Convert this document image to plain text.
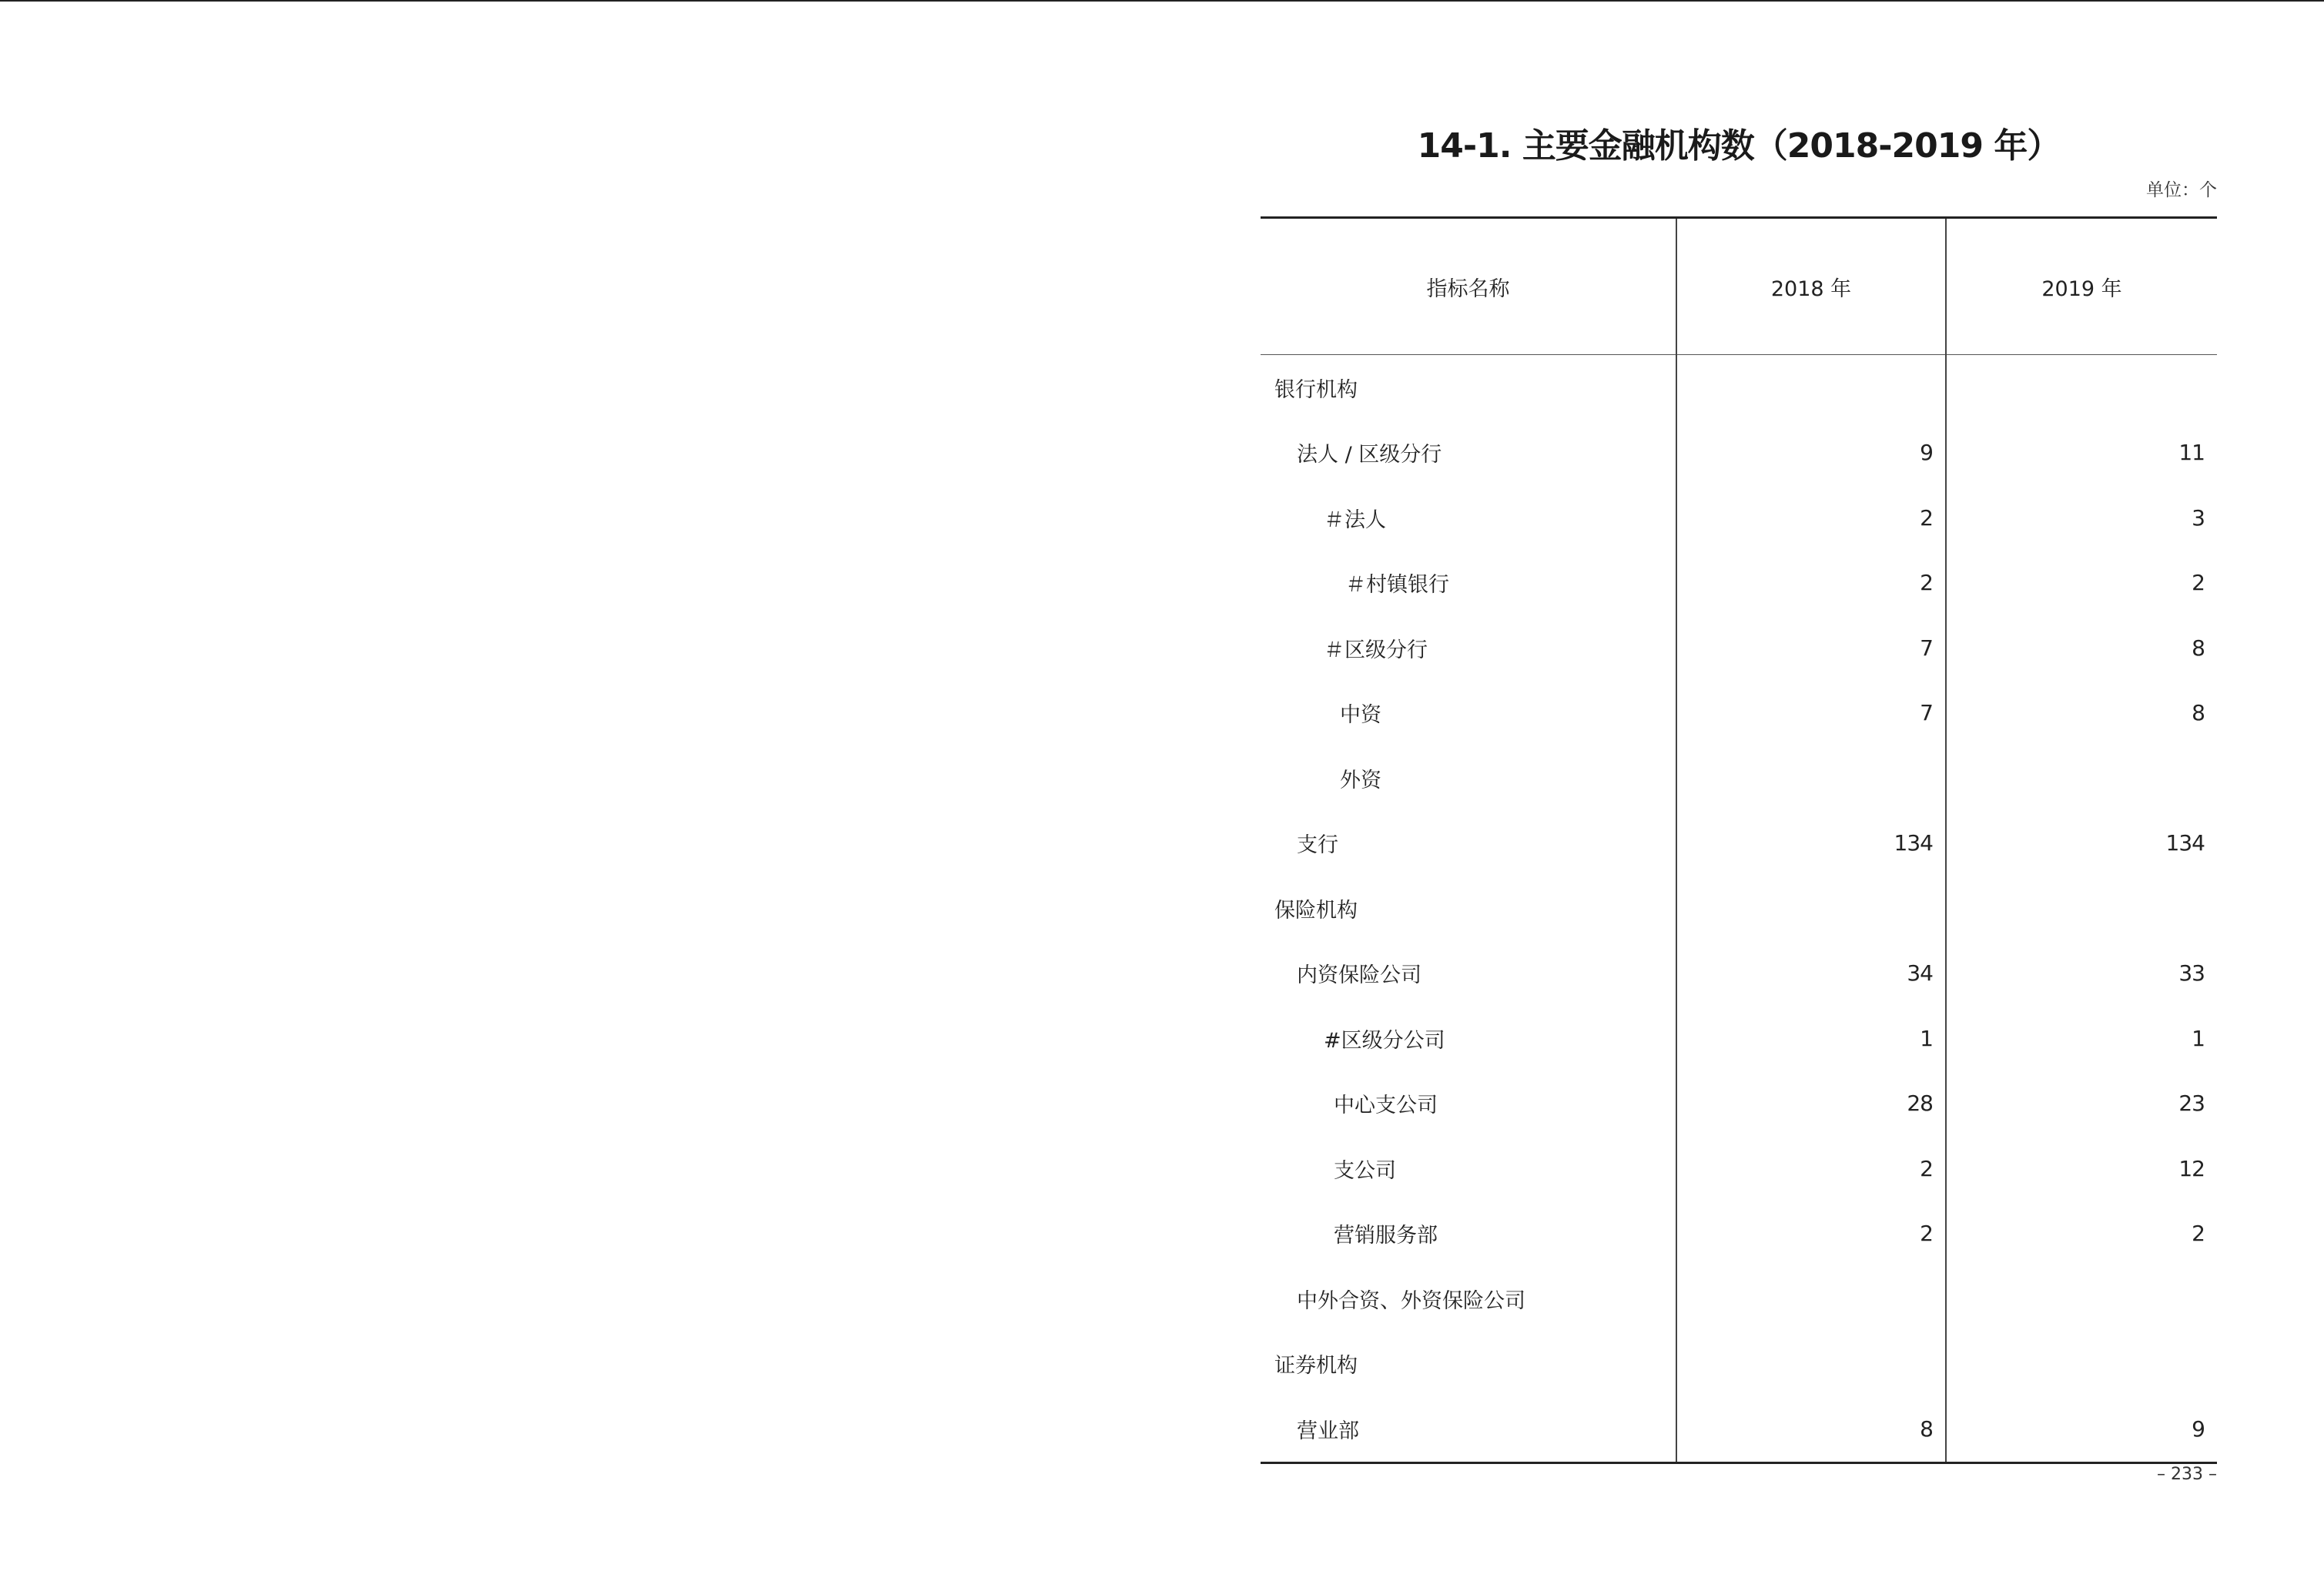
14-1. 主要金融机构数（2018-2019 年）
单位：个
指标名称	2018 年	2019 年
银行机构		
法人 / 区级分行	9	11
＃法人	2	3
＃村镇银行	2	2
＃区级分行	7	8
中资	7	8
外资		
支行	134	134
保险机构		
内资保险公司	34	33
#区级分公司	1	1
中心支公司	28	23
支公司	2	12
营销服务部	2	2
中外合资、外资保险公司		
证券机构		
营业部	8	9
– 233 –
